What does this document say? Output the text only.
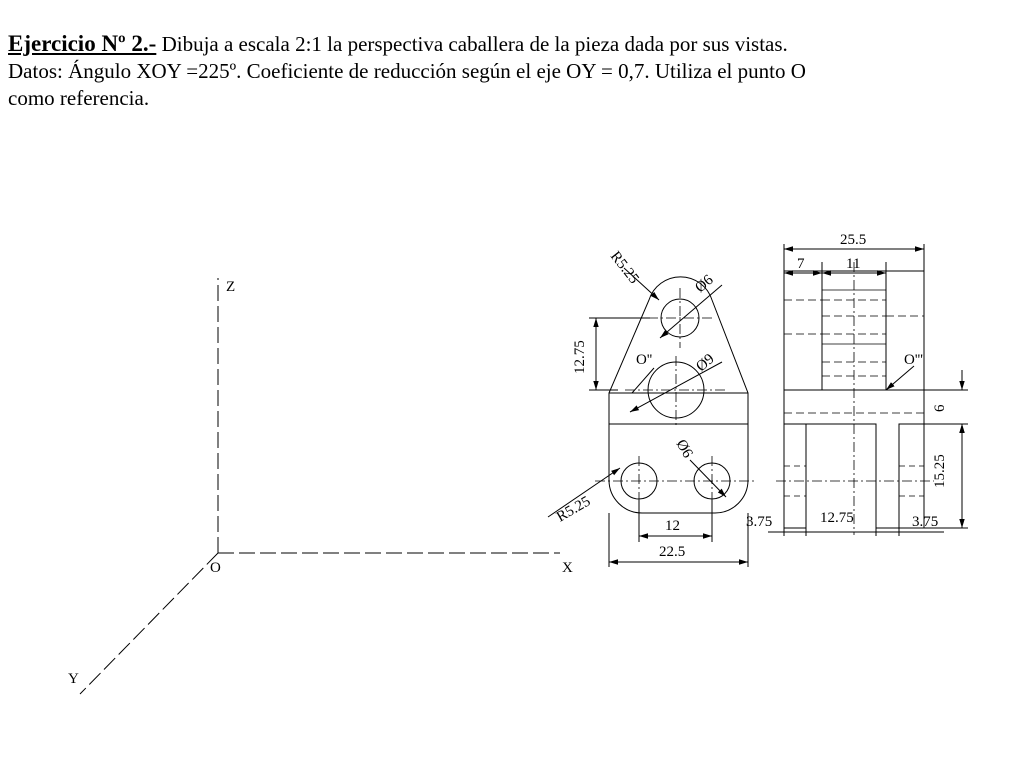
Ejercicio Nº 2.- Dibuja a escala 2:1 la perspectiva caballera de la pieza dada por sus vistas.
Datos: Ángulo XOY =225º. Coeficiente de reducción según el eje OY = 0,7. Utiliza el punto O
como referencia.
Z
X
Y
O
R5.25	Ø6
12.75	O''	Ø9
Ø6
R5.25
12
22.5
25.5
7	11
O'''
6
15.25
3.75	12.75	3.75
